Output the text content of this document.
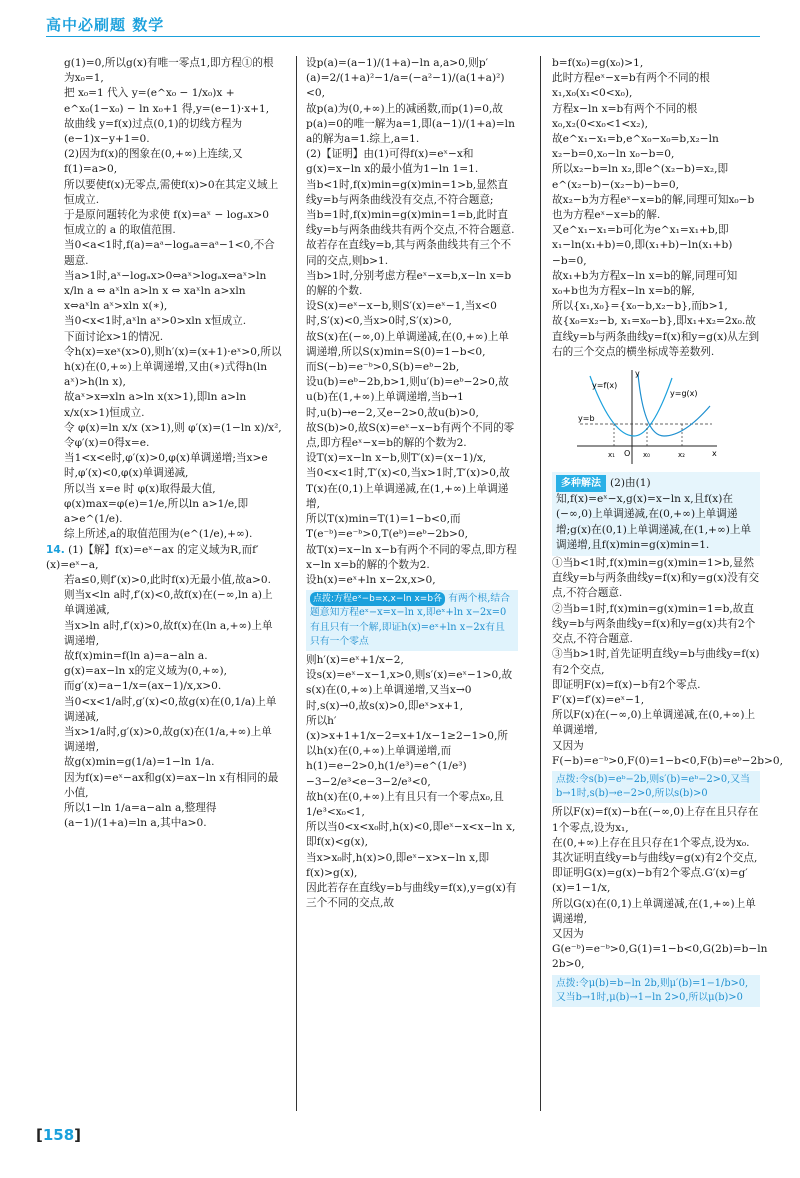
高中必刷题 数学

g(1)=0,所以g(x)有唯一零点1,即方程①的根为x₀=1,

把 x₀=1 代入 y=(e^x₀ − 1/x₀)x + e^x₀(1−x₀) − ln x₀+1 得,y=(e−1)·x+1,

故曲线 y=f(x)过点(0,1)的切线方程为(e−1)x−y+1=0.

(2)因为f(x)的图象在(0,+∞)上连续,又f(1)=a>0,

所以要使f(x)无零点,需使f(x)>0在其定义域上恒成立.

于是原问题转化为求使 f(x)=aˣ − logₐx>0 恒成立的 a 的取值范围.

当0<a<1时,f(a)=aᵃ−logₐa=aᵃ−1<0,不合题意.

当a>1时,aˣ−logₐx>0⇔aˣ>logₐx⇔aˣ>ln x/ln a ⇔ aˣln a>ln x ⇔ xaˣln a>xln x⇔aˣln aˣ>xln x(∗),

当0<x<1时,aˣln aˣ>0>xln x恒成立.

下面讨论x>1的情况.

令h(x)=xeˣ(x>0),则h′(x)=(x+1)·eˣ>0,所以h(x)在(0,+∞)上单调递增,又由(∗)式得h(ln aˣ)>h(ln x),

故aˣ>x⇒xln a>ln x(x>1),即ln a>ln x/x(x>1)恒成立.

令 φ(x)=ln x/x (x>1),则 φ′(x)=(1−ln x)/x²,令φ′(x)=0得x=e.

当1<x<e时,φ′(x)>0,φ(x)单调递增;当x>e时,φ′(x)<0,φ(x)单调递减,

所以当 x=e 时 φ(x)取得最大值,

φ(x)max=φ(e)=1/e,所以ln a>1/e,即a>e^(1/e).

综上所述,a的取值范围为(e^(1/e),+∞).

14. (1)【解】f(x)=eˣ−ax 的定义域为R,而f′(x)=eˣ−a,

若a≤0,则f′(x)>0,此时f(x)无最小值,故a>0.

则当x<ln a时,f′(x)<0,故f(x)在(−∞,ln a)上单调递减,

当x>ln a时,f′(x)>0,故f(x)在(ln a,+∞)上单调递增,

故f(x)min=f(ln a)=a−aln a.

g(x)=ax−ln x的定义域为(0,+∞),

而g′(x)=a−1/x=(ax−1)/x,x>0.

当0<x<1/a时,g′(x)<0,故g(x)在(0,1/a)上单调递减,

当x>1/a时,g′(x)>0,故g(x)在(1/a,+∞)上单调递增,

故g(x)min=g(1/a)=1−ln 1/a.

因为f(x)=eˣ−ax和g(x)=ax−ln x有相同的最小值,

所以1−ln 1/a=a−aln a,整理得(a−1)/(1+a)=ln a,其中a>0.

设p(a)=(a−1)/(1+a)−ln a,a>0,则p′(a)=2/(1+a)²−1/a=(−a²−1)/(a(1+a)²)<0,

故p(a)为(0,+∞)上的减函数,而p(1)=0,故p(a)=0的唯一解为a=1,即(a−1)/(1+a)=ln a的解为a=1.综上,a=1.

(2)【证明】由(1)可得f(x)=eˣ−x和g(x)=x−ln x的最小值为1−ln 1=1.

当b<1时,f(x)min=g(x)min=1>b,显然直线y=b与两条曲线没有交点,不符合题意;

当b=1时,f(x)min=g(x)min=1=b,此时直线y=b与两条曲线共有两个交点,不符合题意.

故若存在直线y=b,其与两条曲线共有三个不同的交点,则b>1.

当b>1时,分别考虑方程eˣ−x=b,x−ln x=b的解的个数.

设S(x)=eˣ−x−b,则S′(x)=eˣ−1,当x<0时,S′(x)<0,当x>0时,S′(x)>0,

故S(x)在(−∞,0)上单调递减,在(0,+∞)上单调递增,所以S(x)min=S(0)=1−b<0,

而S(−b)=e⁻ᵇ>0,S(b)=eᵇ−2b,

设u(b)=eᵇ−2b,b>1,则u′(b)=eᵇ−2>0,故u(b)在(1,+∞)上单调递增,当b→1时,u(b)→e−2,又e−2>0,故u(b)>0,

故S(b)>0,故S(x)=eˣ−x−b有两个不同的零点,即方程eˣ−x=b的解的个数为2.

设T(x)=x−ln x−b,则T′(x)=(x−1)/x,

当0<x<1时,T′(x)<0,当x>1时,T′(x)>0,故T(x)在(0,1)上单调递减,在(1,+∞)上单调递增,

所以T(x)min=T(1)=1−b<0,而T(e⁻ᵇ)=e⁻ᵇ>0,T(eᵇ)=eᵇ−2b>0,

故T(x)=x−ln x−b有两个不同的零点,即方程x−ln x=b的解的个数为2.

设h(x)=eˣ+ln x−2x,x>0,

点拨:方程eˣ−b=x,x−ln x=b各 有两个根,结合题意知方程eˣ−x=x−ln x,即eˣ+ln x−2x=0有且只有一个解,即证h(x)=eˣ+ln x−2x有且只有一个零点

则h′(x)=eˣ+1/x−2,

设s(x)=eˣ−x−1,x>0,则s′(x)=eˣ−1>0,故s(x)在(0,+∞)上单调递增,又当x→0时,s(x)→0,故s(x)>0,即eˣ>x+1,

所以h′(x)>x+1+1/x−2=x+1/x−1≥2−1>0,所以h(x)在(0,+∞)上单调递增,而h(1)=e−2>0,h(1/e³)=e^(1/e³)−3−2/e³<e−3−2/e³<0,

故h(x)在(0,+∞)上有且只有一个零点x₀,且1/e³<x₀<1,

所以当0<x<x₀时,h(x)<0,即eˣ−x<x−ln x,即f(x)<g(x),

当x>x₀时,h(x)>0,即eˣ−x>x−ln x,即f(x)>g(x),

因此若存在直线y=b与曲线y=f(x),y=g(x)有三个不同的交点,故

b=f(x₀)=g(x₀)>1,

此时方程eˣ−x=b有两个不同的根x₁,x₀(x₁<0<x₀),

方程x−ln x=b有两个不同的根x₀,x₂(0<x₀<1<x₂),

故e^x₁−x₁=b,e^x₀−x₀=b,x₂−ln x₂−b=0,x₀−ln x₀−b=0,

所以x₂−b=ln x₂,即e^(x₂−b)=x₂,即e^(x₂−b)−(x₂−b)−b=0,

故x₂−b为方程eˣ−x=b的解,同理可知x₀−b也为方程eˣ−x=b的解.

又e^x₁−x₁=b可化为e^x₁=x₁+b,即x₁−ln(x₁+b)=0,即(x₁+b)−ln(x₁+b)−b=0,

故x₁+b为方程x−ln x=b的解,同理可知x₀+b也为方程x−ln x=b的解,

所以{x₁,x₀}={x₀−b,x₂−b},而b>1,

故{x₀=x₂−b, x₁=x₀−b},即x₁+x₂=2x₀.故直线y=b与两条曲线y=f(x)和y=g(x)从左到右的三个交点的横坐标成等差数列.

y=f(x)
y=g(x)
y=b
O	x
y
x₁	x₀	x₂

多种解法 (2)由(1)知,f(x)=eˣ−x,g(x)=x−ln x,且f(x)在(−∞,0)上单调递减,在(0,+∞)上单调递增;g(x)在(0,1)上单调递减,在(1,+∞)上单调递增,且f(x)min=g(x)min=1.

①当b<1时,f(x)min=g(x)min=1>b,显然直线y=b与两条曲线y=f(x)和y=g(x)没有交点,不符合题意.

②当b=1时,f(x)min=g(x)min=1=b,故直线y=b与两条曲线y=f(x)和y=g(x)共有2个交点,不符合题意.

③当b>1时,首先证明直线y=b与曲线y=f(x)有2个交点,

即证明F(x)=f(x)−b有2个零点.

F′(x)=f′(x)=eˣ−1,

所以F(x)在(−∞,0)上单调递减,在(0,+∞)上单调递增,

又因为F(−b)=e⁻ᵇ>0,F(0)=1−b<0,F(b)=eᵇ−2b>0,

点拨:令s(b)=eᵇ−2b,则s′(b)=eᵇ−2>0,又当b→1时,s(b)→e−2>0,所以s(b)>0

所以F(x)=f(x)−b在(−∞,0)上存在且只存在1个零点,设为x₁,

在(0,+∞)上存在且只存在1个零点,设为x₀.

其次证明直线y=b与曲线y=g(x)有2个交点,即证明G(x)=g(x)−b有2个零点.G′(x)=g′(x)=1−1/x,

所以G(x)在(0,1)上单调递减,在(1,+∞)上单调递增,

又因为G(e⁻ᵇ)=e⁻ᵇ>0,G(1)=1−b<0,G(2b)=b−ln 2b>0,

点拨:令μ(b)=b−ln 2b,则μ′(b)=1−1/b>0,又当b→1时,μ(b)→1−ln 2>0,所以μ(b)>0
[158]
